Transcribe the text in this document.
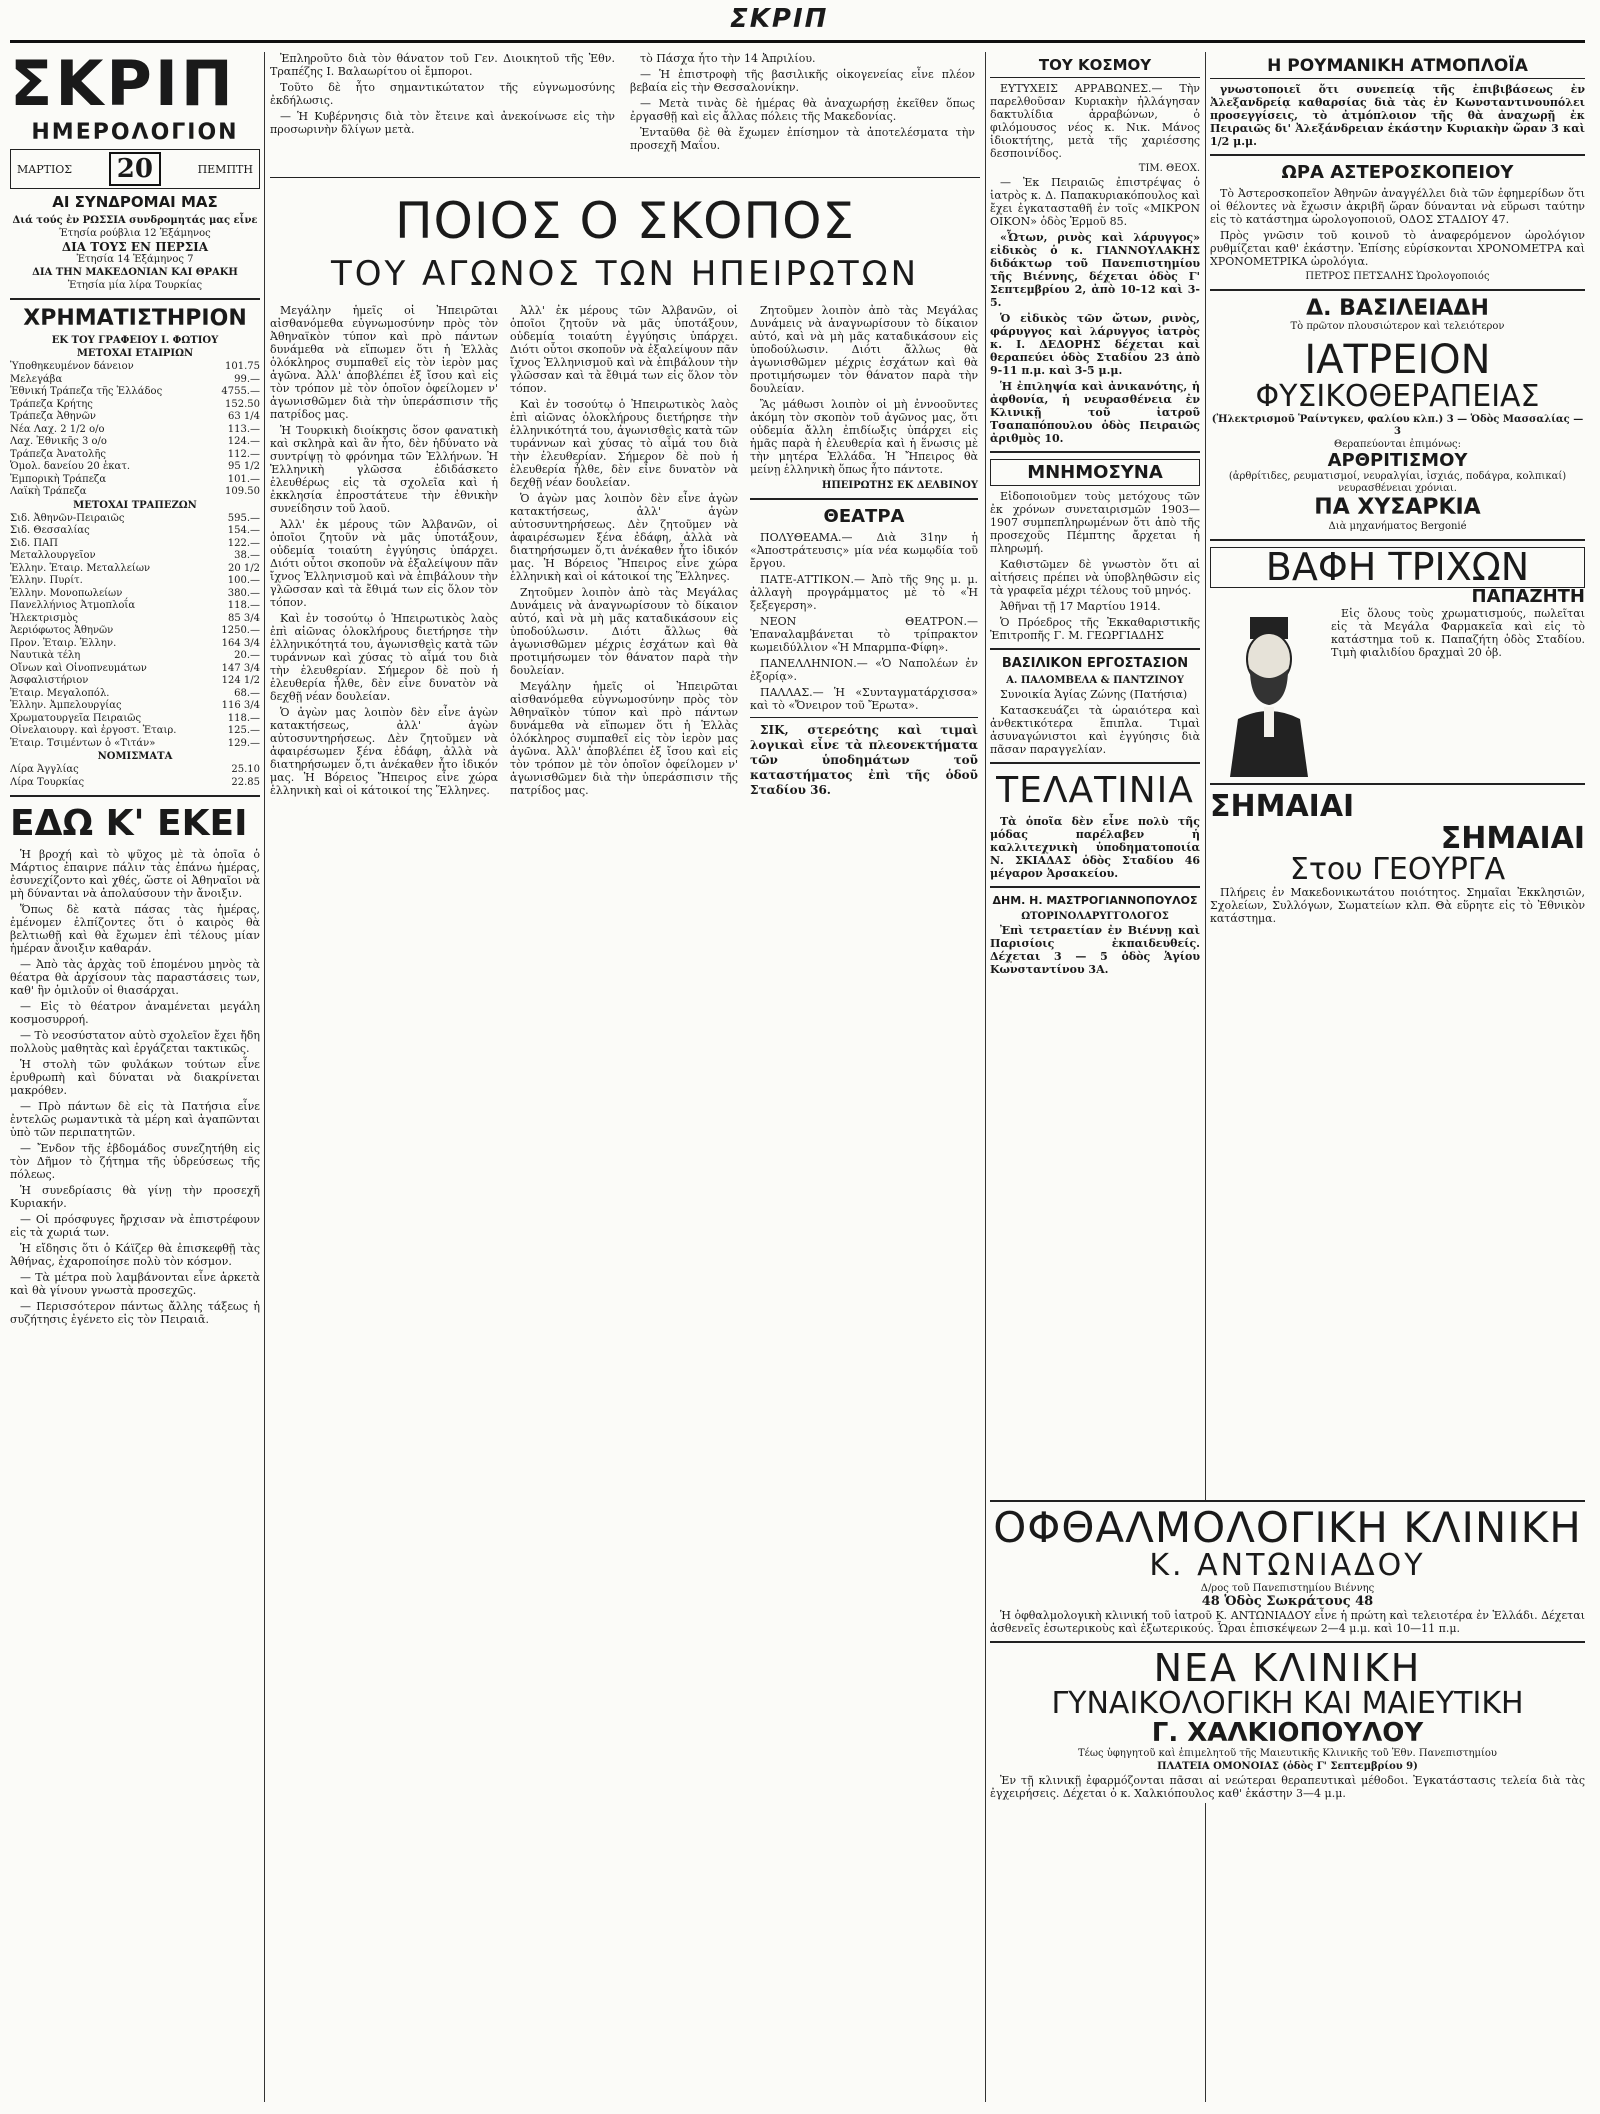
ΣΚΡΙΠ
ΣΚΡΙΠ
ΗΜΕΡΟΛΟΓΙΟΝ
ΜΑΡΤΙΟΣ	20	ΠΕΜΠΤΗ
ΑΙ ΣΥΝΔΡΟΜΑΙ ΜΑΣ
Διά τούς ἐν ΡΩΣΣΙΑ συνδρομητάς μας εἶνε
Ἐτησία ρούβλια 12 Ἑξάμηνος
ΔΙΑ ΤΟΥΣ ΕΝ ΠΕΡΣΙΑ
Ἐτησία 14 Ἑξάμηνος 7
ΔΙΑ ΤΗΝ ΜΑΚΕΔΟΝΙΑΝ ΚΑΙ ΘΡΑΚΗ
Ἐτησία μία λίρα Τουρκίας
ΧΡΗΜΑΤΙΣΤΗΡΙΟΝ
ΕΚ ΤΟΥ ΓΡΑΦΕΙΟΥ Ι. ΦΩΤΙΟΥ
ΜΕΤΟΧΑΙ ΕΤΑΙΡΙΩΝ
Ὑποθηκευμένον δάνειον	101.75
Μελεγάβα	99.—
Ἐθνική Τράπεζα τῆς Ἑλλάδος	4755.—
Τράπεζα Κρήτης	152.50
Τράπεζα Ἀθηνῶν	63 1/4
Νέα Λαχ. 2 1/2 ο/ο	113.—
Λαχ. Ἐθνικῆς 3 ο/ο	124.—
Τράπεζα Ἀνατολῆς	112.—
Ὁμολ. δανείου 20 ἑκατ.	95 1/2
Ἐμπορικὴ Τράπεζα	101.—
Λαϊκὴ Τράπεζα	109.50
ΜΕΤΟΧΑΙ ΤΡΑΠΕΖΩΝ
Σιδ. Ἀθηνῶν-Πειραιῶς	595.—
Σιδ. Θεσσαλίας	154.—
Σιδ. ΠΑΠ	122.—
Μεταλλουργεῖον	38.—
Ἑλλην. Ἑταιρ. Μεταλλείων	20 1/2
Ἑλλην. Πυρίτ.	100.—
Ἑλλην. Μονοπωλείων	380.—
Πανελλήνιος Ἀτμοπλοΐα	118.—
Ἠλεκτρισμὸς	85 3/4
Ἀεριόφωτος Ἀθηνῶν	1250.—
Προν. Ἑταιρ. Ἑλλην.	164 3/4
Ναυτικὰ τέλη	20.—
Οἴνων καὶ Οἰνοπνευμάτων	147 3/4
Ἀσφαλιστήριον	124 1/2
Ἑταιρ. Μεγαλοπόλ.	68.—
Ἑλλην. Ἀμπελουργίας	116 3/4
Χρωματουργεῖα Πειραιῶς	118.—
Οἰνελαιουργ. καὶ ἐργοστ. Ἑταιρ.	125.—
Ἑταιρ. Τσιμέντων ὁ «Τιτάν»	129.—
ΝΟΜΙΣΜΑΤΑ
Λίρα Ἀγγλίας	25.10
Λίρα Τουρκίας	22.85
ΕΔΩ Κ' ΕΚΕΙ

Ἡ βροχή καὶ τὸ ψῦχος μὲ τὰ ὁποῖα ὁ Μάρτιος ἐπαιρνε πάλιν τὰς ἐπάνω ἡμέρας, ἐσυνεχίζοντο καὶ χθές, ὥστε οἱ Ἀθηναῖοι νὰ μὴ δύνανται νὰ ἀπολαύσουν τὴν ἄνοιξιν.

Ὅπως δὲ κατὰ πάσας τὰς ἡμέρας, ἐμένομεν ἐλπίζοντες ὅτι ὁ καιρὸς θὰ βελτιωθῇ καὶ θὰ ἔχωμεν ἐπὶ τέλους μίαν ἡμέραν ἄνοιξιν καθαράν.

— Ἀπὸ τὰς ἀρχὰς τοῦ ἑπομένου μηνὸς τὰ θέατρα θὰ ἀρχίσουν τὰς παραστάσεις των, καθ' ἣν ὁμιλοῦν οἱ θιασάρχαι.

— Εἰς τὸ θέατρον ἀναμένεται μεγάλη κοσμοσυρροή.

— Τὸ νεοσύστατον αὐτὸ σχολεῖον ἔχει ἤδη πολλοὺς μαθητὰς καὶ ἐργάζεται τακτικῶς.

Ἡ στολὴ τῶν φυλάκων τούτων εἶνε ἐρυθρωπὴ καὶ δύναται νὰ διακρίνεται μακρόθεν.

— Πρὸ πάντων δὲ εἰς τὰ Πατήσια εἶνε ἐντελῶς ρωμαντικὰ τὰ μέρη καὶ ἀγαπῶνται ὑπὸ τῶν περιπατητῶν.

— Ἔνδον τῆς ἐβδομάδος συνεζητήθη εἰς τὸν Δῆμον τὸ ζήτημα τῆς ὑδρεύσεως τῆς πόλεως.

Ἡ συνεδρίασις θὰ γίνῃ τὴν προσεχῆ Κυριακήν.

— Οἱ πρόσφυγες ἤρχισαν νὰ ἐπιστρέφουν εἰς τὰ χωριά των.

Ἡ εἴδησις ὅτι ὁ Κάϊζερ θὰ ἐπισκεφθῇ τὰς Ἀθήνας, ἐχαροποίησε πολὺ τὸν κόσμον.

— Τὰ μέτρα ποὺ λαμβάνονται εἶνε ἀρκετὰ καὶ θὰ γίνουν γνωστὰ προσεχῶς.

— Περισσότερον πάντως ἄλλης τάξεως ἡ συζήτησις ἐγένετο εἰς τὸν Πειραιᾶ.

Ἐπληροῦτο διὰ τὸν θάνατον τοῦ Γεν. Διοικητοῦ τῆς Ἐθν. Τραπέζης Ι. Βαλαωρίτου οἱ ἔμποροι.

Τοῦτο δὲ ἦτο σημαντικώτατον τῆς εὐγνωμοσύνης ἐκδήλωσις.

— Ἡ Κυβέρνησις διὰ τὸν ἔτεινε καὶ ἀνεκοίνωσε εἰς τὴν προσωρινὴν δλίγων μετὰ.

τὸ Πάσχα ἦτο τὴν 14 Ἀπριλίου.

— Ἡ ἐπιστροφὴ τῆς βασιλικῆς οἰκογενείας εἶνε πλέον βεβαία εἰς τὴν Θεσσαλονίκην.

— Μετὰ τινὰς δὲ ἡμέρας θὰ ἀναχωρήσῃ ἐκεῖθεν ὅπως ἐργασθῇ καὶ εἰς ἄλλας πόλεις τῆς Μακεδονίας.

Ἐνταῦθα δὲ θὰ ἔχωμεν ἐπίσημον τὰ ἀποτελέσματα τὴν προσεχῆ Μαΐου.

ΠΟΙΟΣ Ο ΣΚΟΠΟΣ
ΤΟΥ ΑΓΩΝΟΣ ΤΩΝ ΗΠΕΙΡΩΤΩΝ

Μεγάλην ἡμεῖς οἱ Ἠπειρῶται αἰσθανόμεθα εὐγνωμοσύνην πρὸς τὸν Ἀθηναϊκὸν τύπον καὶ πρὸ πάντων δυνάμεθα νὰ εἴπωμεν ὅτι ἡ Ἑλλὰς ὁλόκληρος συμπαθεῖ εἰς τὸν ἱερὸν μας ἀγῶνα. Ἀλλ' ἀποβλέπει ἐξ ἴσου καὶ εἰς τὸν τρόπον μὲ τὸν ὁποῖον ὀφείλομεν ν' ἀγωνισθῶμεν διὰ τὴν ὑπεράσπισιν τῆς πατρίδος μας.

Ἡ Τουρκικὴ διοίκησις ὅσον φανατικὴ καὶ σκληρὰ καὶ ἂν ἦτο, δὲν ἠδύνατο νὰ συντρίψῃ τὸ φρόνημα τῶν Ἑλλήνων. Ἡ Ἑλληνικὴ γλῶσσα ἐδιδάσκετο ἐλευθέρως εἰς τὰ σχολεῖα καὶ ἡ ἐκκλησία ἐπροστάτευε τὴν ἐθνικὴν συνείδησιν τοῦ λαοῦ.

Ἀλλ' ἐκ μέρους τῶν Ἀλβανῶν, οἱ ὁποῖοι ζητοῦν νὰ μᾶς ὑποτάξουν, οὐδεμία τοιαύτη ἐγγύησις ὑπάρχει. Διότι οὗτοι σκοποῦν νὰ ἐξαλείψουν πᾶν ἴχνος Ἑλληνισμοῦ καὶ νὰ ἐπιβάλουν τὴν γλῶσσαν καὶ τὰ ἔθιμά των εἰς ὅλον τὸν τόπον.

Καὶ ἐν τοσούτῳ ὁ Ἠπειρωτικὸς λαὸς ἐπὶ αἰῶνας ὁλοκλήρους διετήρησε τὴν ἑλληνικότητά του, ἀγωνισθεὶς κατὰ τῶν τυράννων καὶ χύσας τὸ αἷμά του διὰ τὴν ἐλευθερίαν. Σήμερον δὲ ποὺ ἡ ἐλευθερία ἦλθε, δὲν εἶνε δυνατὸν νὰ δεχθῇ νέαν δουλείαν.

Ὁ ἀγὼν μας λοιπὸν δὲν εἶνε ἀγὼν κατακτήσεως, ἀλλ' ἀγὼν αὐτοσυντηρήσεως. Δὲν ζητοῦμεν νὰ ἀφαιρέσωμεν ξένα ἐδάφη, ἀλλὰ νὰ διατηρήσωμεν ὅ,τι ἀνέκαθεν ἦτο ἰδικόν μας. Ἡ Βόρειος Ἤπειρος εἶνε χώρα ἑλληνικὴ καὶ οἱ κάτοικοί της Ἕλληνες.

Ἀλλ' ἐκ μέρους τῶν Ἀλβανῶν, οἱ ὁποῖοι ζητοῦν νὰ μᾶς ὑποτάξουν, οὐδεμία τοιαύτη ἐγγύησις ὑπάρχει. Διότι οὗτοι σκοποῦν νὰ ἐξαλείψουν πᾶν ἴχνος Ἑλληνισμοῦ καὶ νὰ ἐπιβάλουν τὴν γλῶσσαν καὶ τὰ ἔθιμά των εἰς ὅλον τὸν τόπον.

Καὶ ἐν τοσούτῳ ὁ Ἠπειρωτικὸς λαὸς ἐπὶ αἰῶνας ὁλοκλήρους διετήρησε τὴν ἑλληνικότητά του, ἀγωνισθεὶς κατὰ τῶν τυράννων καὶ χύσας τὸ αἷμά του διὰ τὴν ἐλευθερίαν. Σήμερον δὲ ποὺ ἡ ἐλευθερία ἦλθε, δὲν εἶνε δυνατὸν νὰ δεχθῇ νέαν δουλείαν.

Ὁ ἀγὼν μας λοιπὸν δὲν εἶνε ἀγὼν κατακτήσεως, ἀλλ' ἀγὼν αὐτοσυντηρήσεως. Δὲν ζητοῦμεν νὰ ἀφαιρέσωμεν ξένα ἐδάφη, ἀλλὰ νὰ διατηρήσωμεν ὅ,τι ἀνέκαθεν ἦτο ἰδικόν μας. Ἡ Βόρειος Ἤπειρος εἶνε χώρα ἑλληνικὴ καὶ οἱ κάτοικοί της Ἕλληνες.

Ζητοῦμεν λοιπὸν ἀπὸ τὰς Μεγάλας Δυνάμεις νὰ ἀναγνωρίσουν τὸ δίκαιον αὐτό, καὶ νὰ μὴ μᾶς καταδικάσουν εἰς ὑποδούλωσιν. Διότι ἄλλως θὰ ἀγωνισθῶμεν μέχρις ἐσχάτων καὶ θὰ προτιμήσωμεν τὸν θάνατον παρὰ τὴν δουλείαν.

Μεγάλην ἡμεῖς οἱ Ἠπειρῶται αἰσθανόμεθα εὐγνωμοσύνην πρὸς τὸν Ἀθηναϊκὸν τύπον καὶ πρὸ πάντων δυνάμεθα νὰ εἴπωμεν ὅτι ἡ Ἑλλὰς ὁλόκληρος συμπαθεῖ εἰς τὸν ἱερὸν μας ἀγῶνα. Ἀλλ' ἀποβλέπει ἐξ ἴσου καὶ εἰς τὸν τρόπον μὲ τὸν ὁποῖον ὀφείλομεν ν' ἀγωνισθῶμεν διὰ τὴν ὑπεράσπισιν τῆς πατρίδος μας.

Ζητοῦμεν λοιπὸν ἀπὸ τὰς Μεγάλας Δυνάμεις νὰ ἀναγνωρίσουν τὸ δίκαιον αὐτό, καὶ νὰ μὴ μᾶς καταδικάσουν εἰς ὑποδούλωσιν. Διότι ἄλλως θὰ ἀγωνισθῶμεν μέχρις ἐσχάτων καὶ θὰ προτιμήσωμεν τὸν θάνατον παρὰ τὴν δουλείαν.

Ἂς μάθωσι λοιπὸν οἱ μὴ ἐννοοῦντες ἀκόμη τὸν σκοπὸν τοῦ ἀγῶνος μας, ὅτι οὐδεμία ἄλλη ἐπιδίωξις ὑπάρχει εἰς ἡμᾶς παρὰ ἡ ἐλευθερία καὶ ἡ ἕνωσις μὲ τὴν μητέρα Ἑλλάδα. Ἡ Ἤπειρος θὰ μείνῃ ἑλληνικὴ ὅπως ἦτο πάντοτε.

ΗΠΕΙΡΩΤΗΣ ΕΚ ΔΕΛΒΙΝΟΥ
ΘΕΑΤΡΑ

ΠΟΛΥΘΕΑΜΑ.— Διὰ 31ην ἡ «Ἀποστράτευσις» μία νέα κωμῳδία τοῦ ἔργου.

ΠΑΤΕ-ΑΤΤΙΚΟΝ.— Ἀπὸ τῆς 9ης μ. μ. ἀλλαγὴ προγράμματος μὲ τὸ «Ἠ ξεξεγερση».

ΝΕΟΝ ΘΕΑΤΡΟΝ.— Ἐπαναλαμβάνεται τὸ τρίπρακτον κωμειδύλλιον «Ἡ Μπαρμπα-Φίφη».

ΠΑΝΕΛΛΗΝΙΟΝ.— «Ὁ Ναπολέων ἐν ἐξορίᾳ».

ΠΑΛΛΑΣ.— Ἡ «Συνταγματάρχισσα» καὶ τὸ «Ὄνειρον τοῦ Ἔρωτα».

ΣΙΚ, στερεότης καὶ τιμαὶ λογικαὶ εἶνε τὰ πλεονεκτήματα τῶν ὑποδημάτων τοῦ καταστήματος ἐπὶ τῆς ὁδοῦ Σταδίου 36.

ΤΟΥ ΚΟΣΜΟΥ

ΕΥΤΥΧΕΙΣ ΑΡΡΑΒΩΝΕΣ.— Τὴν παρελθοῦσαν Κυριακὴν ἠλλάγησαν δακτυλίδια ἀρραβώνων, ὁ φιλόμουσος νέος κ. Νικ. Μάνος ἰδιοκτήτης, μετὰ τῆς χαριέσσης δεσποινίδος.

ΤΙΜ. ΘΕΟΧ.

— Ἐκ Πειραιῶς ἐπιστρέψας ὁ ἰατρὸς κ. Δ. Παπακυριακόπουλος καὶ ἔχει ἐγκατασταθῆ ἐν τοῖς «ΜΙΚΡΟΝ ΟΙΚΟΝ» ὁδὸς Ἑρμοῦ 85.

«Ὦτων, ρινὸς καὶ λάρυγγος» εἰδικὸς ὁ κ. ΓΙΑΝΝΟΥΛΑΚΗΣ διδάκτωρ τοῦ Πανεπιστημίου τῆς Βιέννης, δέχεται ὁδὸς Γ' Σεπτεμβρίου 2, ἀπὸ 10-12 καὶ 3-5.

Ὁ εἰδικὸς τῶν ὤτων, ρινὸς, φάρυγγος καὶ λάρυγγος ἰατρὸς κ. Ι. ΔΕΔΟΡΗΣ δέχεται καὶ θεραπεύει ὁδὸς Σταδίου 23 ἀπὸ 9-11 π.μ. καὶ 3-5 μ.μ.

Ἡ ἐπιληψία καὶ ἀνικανότης, ἡ ἀφθονία, ἡ νευρασθένεια ἐν Κλινικῇ τοῦ ἰατροῦ Τσαπαπόπουλου ὁδὸς Πειραιῶς ἀριθμὸς 10.

ΜΝΗΜΟΣΥΝΑ

Εἰδοποιοῦμεν τοὺς μετόχους τῶν ἐκ χρόνων συνεταιρισμῶν 1903—1907 συμπεπληρωμένων ὅτι ἀπὸ τῆς προσεχοῦς Πέμπτης ἄρχεται ἡ πληρωμή.

Καθιστῶμεν δὲ γνωστὸν ὅτι αἱ αἰτήσεις πρέπει νὰ ὑποβληθῶσιν εἰς τὰ γραφεῖα μέχρι τέλους τοῦ μηνός.

Ἀθῆναι τῇ 17 Μαρτίου 1914.

Ὁ Πρόεδρος τῆς Ἐκκαθαριστικῆς Ἐπιτροπῆς Γ. Μ. ΓΕΩΡΓΙΑΔΗΣ

ΒΑΣΙΛΙΚΟΝ ΕΡΓΟΣΤΑΣΙΟΝ
Α. ΠΑΛΟΜΒΕΛΑ & ΠΑΝΤΖΙΝΟΥ

Συνοικία Ἁγίας Ζώνης (Πατήσια)

Κατασκευάζει τὰ ὡραιότερα καὶ ἀνθεκτικότερα ἔπιπλα. Τιμαὶ ἀσυναγώνιστοι καὶ ἐγγύησις διὰ πᾶσαν παραγγελίαν.

ΤΕΛΑΤΙΝΙΑ

Τὰ ὁποῖα δὲν εἶνε πολὺ τῆς μόδας παρέλαβεν ἡ καλλιτεχνικὴ ὑποδηματοποιία Ν. ΣΚΙΑΔΑΣ ὁδὸς Σταδίου 46 μέγαρον Ἀρσακείου.

ΔΗΜ. Η. ΜΑΣΤΡΟΓΙΑΝΝΟΠΟΥΛΟΣ
ΩΤΟΡΙΝΟΛΑΡΥΓΓΟΛΟΓΟΣ

Ἐπὶ τετραετίαν ἐν Βιέννῃ καὶ Παρισίοις ἐκπαιδευθείς. Δέχεται 3 — 5 ὁδὸς Ἁγίου Κωνσταντίνου 3Α.

Η ΡΟΥΜΑΝΙΚΗ ΑΤΜΟΠΛΟΪΑ

γνωστοποιεῖ ὅτι συνεπείᾳ τῆς ἐπιβιβάσεως ἐν Ἀλεξανδρείᾳ καθαρσίας διὰ τὰς ἐν Κωνσταντινουπόλει προσεγγίσεις, τὸ ἀτμόπλοιον τῆς θὰ ἀναχωρῇ ἐκ Πειραιῶς δι' Ἀλεξάνδρειαν ἑκάστην Κυριακὴν ὥραν 3 καὶ 1/2 μ.μ.

ΩΡΑ ΑΣΤΕΡΟΣΚΟΠΕΙΟΥ

Τὸ Ἀστεροσκοπεῖον Ἀθηνῶν ἀναγγέλλει διὰ τῶν ἐφημερίδων ὅτι οἱ θέλοντες νὰ ἔχωσιν ἀκριβῆ ὥραν δύνανται νὰ εὕρωσι ταύτην εἰς τὸ κατάστημα ὡρολογοποιοῦ, ΟΔΟΣ ΣΤΑΔΙΟΥ 47.

Πρὸς γνῶσιν τοῦ κοινοῦ τὸ ἀναφερόμενον ὡρολόγιον ρυθμίζεται καθ' ἑκάστην. Ἐπίσης εὑρίσκονται ΧΡΟΝΟΜΕΤΡΑ καὶ ΧΡΟΝΟΜΕΤΡΙΚΑ ὡρολόγια.

ΠΕΤΡΟΣ ΠΕΤΣΑΛΗΣ Ὡρολογοποιός
Δ. ΒΑΣΙΛΕΙΑΔΗ
Τὸ πρῶτον πλουσιώτερον καὶ τελειότερον
ΙΑΤΡΕΙΟΝ
ΦΥΣΙΚΟΘΕΡΑΠΕΙΑΣ
(Ἠλεκτρισμοῦ Ῥαίντγκεν, φαλίου κλπ.) 3 — Ὁδὸς Μασσαλίας — 3
Θεραπεύονται ἐπιμόνως:
ΑΡΘΡΙΤΙΣΜΟΥ
(ἀρθρίτιδες, ρευματισμοί, νευραλγίαι, ἰσχιάς, ποδάγρα, κολπικαί) νευρασθένειαι χρόνιαι.
ΠΑ ΧΥΣΑΡΚΙΑ
Διὰ μηχανήματος Bergonié
ΒΑΦΗ ΤΡΙΧΩΝ
ΠΑΠΑΖΗΤΗ

Εἰς ὅλους τοὺς χρωματισμούς, πωλεῖται εἰς τὰ Μεγάλα Φαρμακεῖα καὶ εἰς τὸ κατάστημα τοῦ κ. Παπαζήτη ὁδὸς Σταδίου. Τιμὴ φιαλιδίου δραχμαὶ 20 ὀβ.

ΣΗΜΑΙΑΙ
ΣΗΜΑΙΑΙ
Στου ΓΕΟΥΡΓΑ

Πλήρεις ἐν Μακεδονικωτάτου ποιότητος. Σημαῖαι Ἐκκλησιῶν, Σχολείων, Συλλόγων, Σωματείων κλπ. Θὰ εὕρητε εἰς τὸ Ἐθνικὸν κατάστημα.

ΟΦΘΑΛΜΟΛΟΓΙΚΗ ΚΛΙΝΙΚΗ
Κ. ΑΝΤΩΝΙΑΔΟΥ
Δ/ρος τοῦ Πανεπιστημίου Βιέννης
48 Ὁδὸς Σωκράτους 48

Ἡ ὀφθαλμολογικὴ κλινική τοῦ ἰατροῦ Κ. ΑΝΤΩΝΙΑΔΟΥ εἶνε ἡ πρώτη καὶ τελειοτέρα ἐν Ἑλλάδι. Δέχεται ἀσθενεῖς ἐσωτερικοὺς καὶ ἐξωτερικούς. Ὧραι ἐπισκέψεων 2—4 μ.μ. καὶ 10—11 π.μ.

ΝΕΑ ΚΛΙΝΙΚΗ
ΓΥΝΑΙΚΟΛΟΓΙΚΗ ΚΑΙ ΜΑΙΕΥΤΙΚΗ
Γ. ΧΑΛΚΙΟΠΟΥΛΟΥ
Τέως ὑφηγητοῦ καὶ ἐπιμελητοῦ τῆς Μαιευτικῆς Κλινικῆς τοῦ Ἐθν. Πανεπιστημίου
ΠΛΑΤΕΙΑ ΟΜΟΝΟΙΑΣ (ὁδὸς Γ' Σεπτεμβρίου 9)

Ἐν τῇ κλινικῇ ἐφαρμόζονται πᾶσαι αἱ νεώτεραι θεραπευτικαὶ μέθοδοι. Ἐγκατάστασις τελεία διὰ τὰς ἐγχειρήσεις. Δέχεται ὁ κ. Χαλκιόπουλος καθ' ἑκάστην 3—4 μ.μ.
